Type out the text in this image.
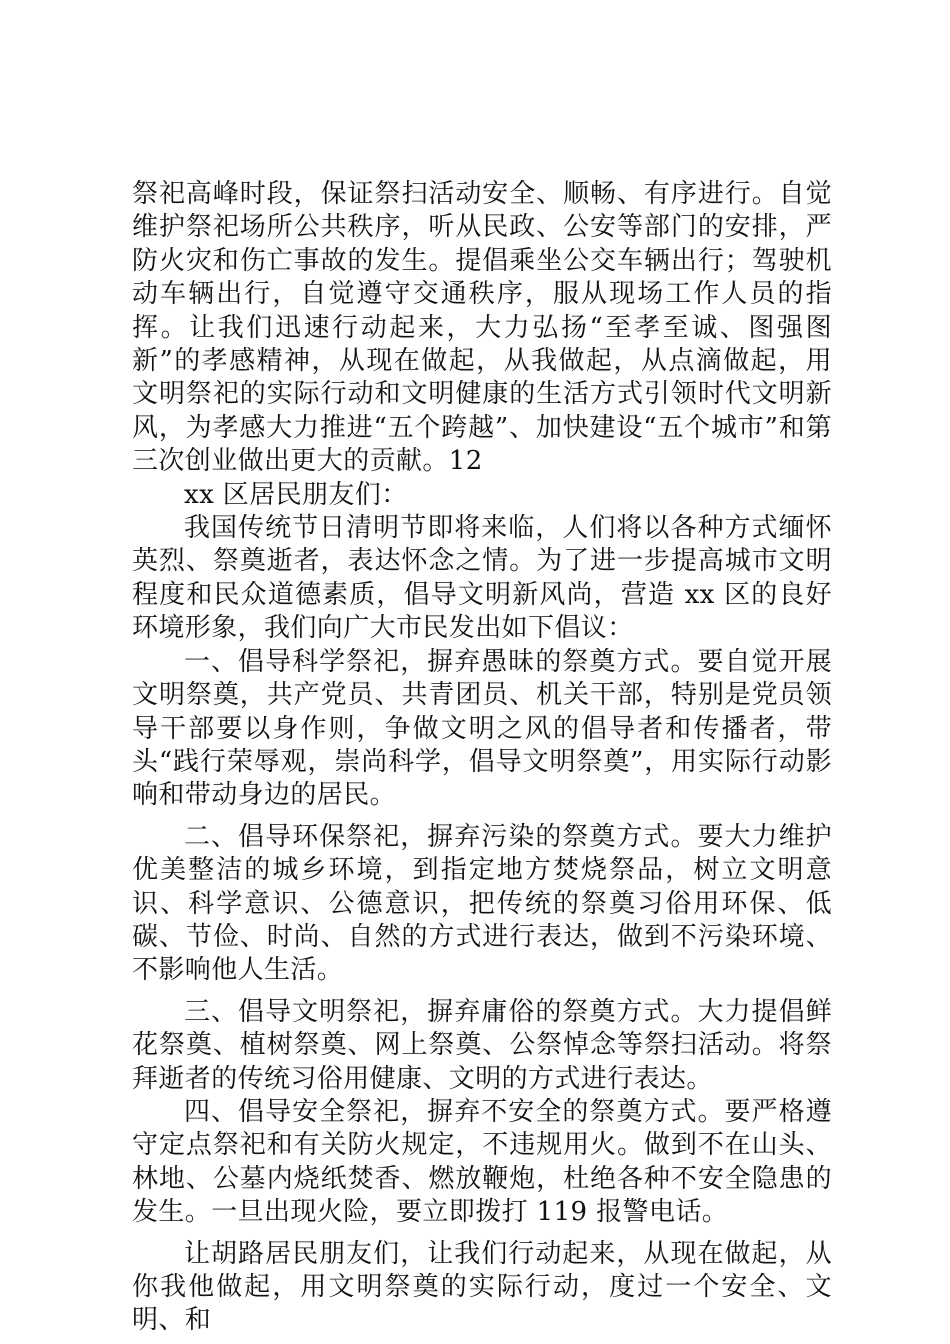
祭祀高峰时段，保证祭扫活动安全、顺畅、有序进行。自觉维护祭祀场所公共秩序，听从民政、公安等部门的安排，严防火灾和伤亡事故的发生。提倡乘坐公交车辆出行；驾驶机动车辆出行，自觉遵守交通秩序，服从现场工作人员的指挥。让我们迅速行动起来，大力弘扬“至孝至诚、图强图新”的孝感精神，从现在做起，从我做起，从点滴做起，用文明祭祀的实际行动和文明健康的生活方式引领时代文明新风，为孝感大力推进“五个跨越”、加快建设“五个城市”和第三次创业做出更大的贡献。12

xx 区居民朋友们：

我国传统节日清明节即将来临，人们将以各种方式缅怀英烈、祭奠逝者，表达怀念之情。为了进一步提高城市文明程度和民众道德素质，倡导文明新风尚，营造 xx 区的良好环境形象，我们向广大市民发出如下倡议：

一、倡导科学祭祀，摒弃愚昧的祭奠方式。要自觉开展文明祭奠，共产党员、共青团员、机关干部，特别是党员领导干部要以身作则，争做文明之风的倡导者和传播者，带头“践行荣辱观，崇尚科学，倡导文明祭奠”，用实际行动影响和带动身边的居民。

二、倡导环保祭祀，摒弃污染的祭奠方式。要大力维护优美整洁的城乡环境，到指定地方焚烧祭品，树立文明意识、科学意识、公德意识，把传统的祭奠习俗用环保、低碳、节俭、时尚、自然的方式进行表达，做到不污染环境、不影响他人生活。

三、倡导文明祭祀，摒弃庸俗的祭奠方式。大力提倡鲜花祭奠、植树祭奠、网上祭奠、公祭悼念等祭扫活动。将祭拜逝者的传统习俗用健康、文明的方式进行表达。

四、倡导安全祭祀，摒弃不安全的祭奠方式。要严格遵守定点祭祀和有关防火规定，不违规用火。做到不在山头、林地、公墓内烧纸焚香、燃放鞭炮，杜绝各种不安全隐患的发生。一旦出现火险，要立即拨打 119 报警电话。

让胡路居民朋友们，让我们行动起来，从现在做起，从你我他做起，用文明祭奠的实际行动，度过一个安全、文明、和
